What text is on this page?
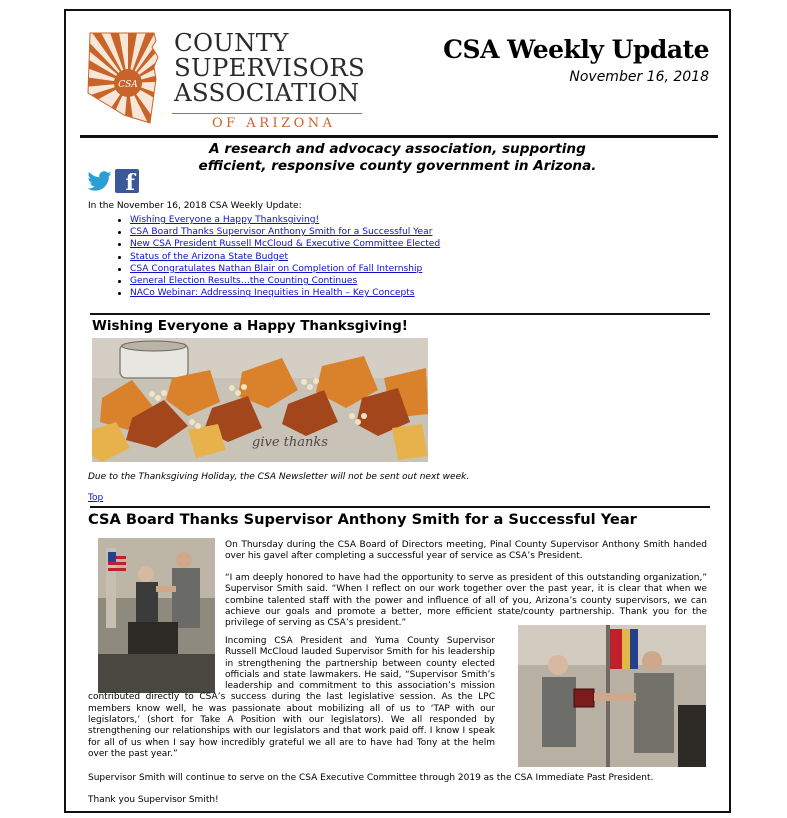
CSA
COUNTY
SUPERVISORS
ASSOCIATION
OF ARIZONA
CSA Weekly Update
November 16, 2018
A research and advocacy association, supporting
efficient, responsive county government in Arizona.
f
In the November 16, 2018 CSA Weekly Update:
Wishing Everyone a Happy Thanksgiving!
CSA Board Thanks Supervisor Anthony Smith for a Successful Year
New CSA President Russell McCloud & Executive Committee Elected
Status of the Arizona State Budget
CSA Congratulates Nathan Blair on Completion of Fall Internship
General Election Results…the Counting Continues
NACo Webinar: Addressing Inequities in Health – Key Concepts
Wishing Everyone a Happy Thanksgiving!
give thanks
Due to the Thanksgiving Holiday, the CSA Newsletter will not be sent out next week.
Top
CSA Board Thanks Supervisor Anthony Smith for a Successful Year

On Thursday during the CSA Board of Directors meeting, Pinal County Supervisor Anthony Smith handed over his gavel after completing a successful year of service as CSA’s President.

“I am deeply honored to have had the opportunity to serve as president of this outstanding organization,” Supervisor Smith said. “When I reflect on our work together over the past year, it is clear that when we combine talented staff with the power and influence of all of you, Arizona’s county supervisors, we can achieve our goals and promote a better, more efficient state/county partnership. Thank you for the privilege of serving as CSA’s president.”

Incoming CSA President and Yuma County Supervisor Russell McCloud lauded Supervisor Smith for his leadership in strengthening the partnership between county elected officials and state lawmakers. He said, “Supervisor Smith’s leadership and commitment to this association’s mission contributed directly to CSA’s success during the last legislative session. As the LPC members know well, he was passionate about mobilizing all of us to ‘TAP with our legislators,’ (short for Take A Position with our legislators). We all responded by strengthening our relationships with our legislators and that work paid off. I know I speak for all of us when I say how incredibly grateful we all are to have had Tony at the helm over the past year.”

Supervisor Smith will continue to serve on the CSA Executive Committee through 2019 as the CSA Immediate Past President.

Thank you Supervisor Smith!
